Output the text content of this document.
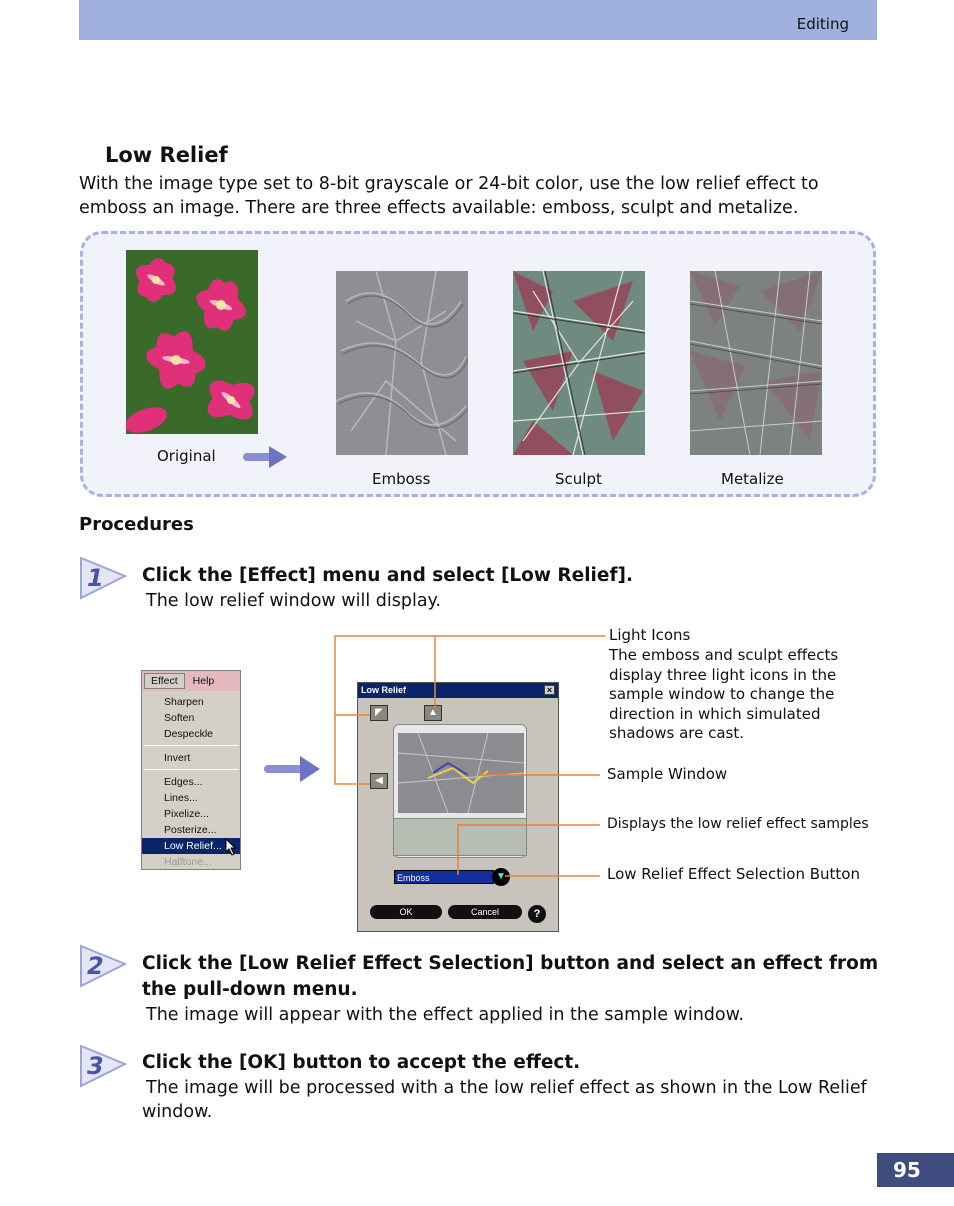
Editing
Low Relief
With the image type set to 8-bit grayscale or 24-bit color, use the low relief effect to emboss an image. There are three effects available: emboss, sculpt and metalize.
Original
Emboss	Sculpt	Metalize
Procedures
1 Click the [Effect] menu and select [Low Relief].
The low relief window will display.
Effect	Help
Sharpen
Soften
Despeckle
Invert
Edges...
Lines...
Pixelize...
Posterize...
Low Relief...
Halftone...
Low Relief	×
◤	▲
◀
Emboss	▼
OK	Cancel	?
Light Icons
The emboss and sculpt effects display three light icons in the sample window to change the direction in which simulated shadows are cast.
Sample Window
Displays the low relief effect samples
Low Relief Effect Selection Button
2 Click the [Low Relief Effect Selection] button and select an effect from the pull-down menu.
The image will appear with the effect applied in the sample window.
3 Click the [OK] button to accept the effect.
The image will be processed with a the low relief effect as shown in the Low Relief window.
95
